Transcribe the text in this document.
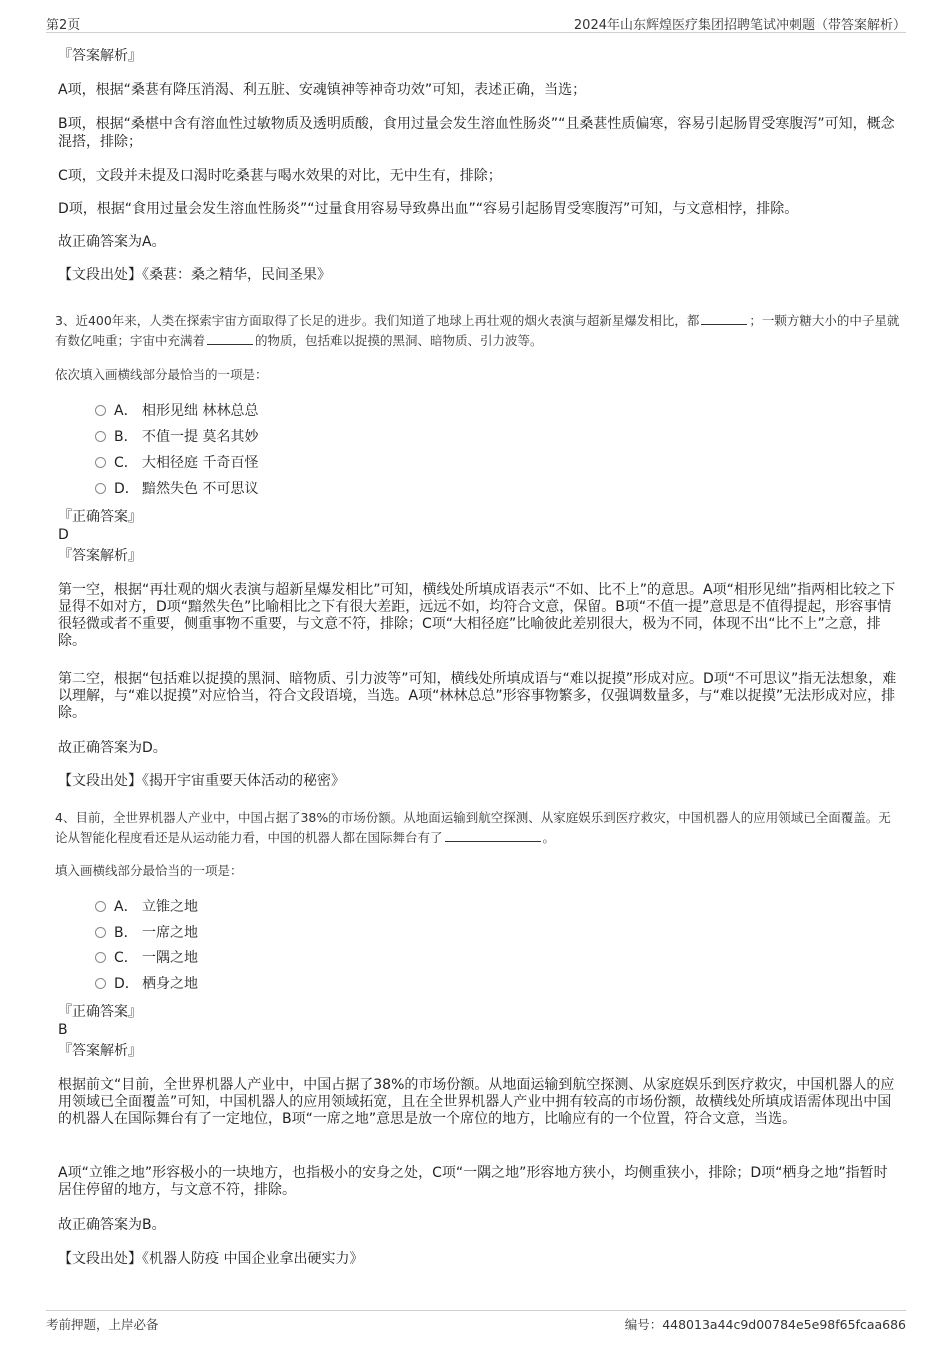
第2页	2024年山东辉煌医疗集团招聘笔试冲刺题（带答案解析）
『答案解析』
A项，根据“桑葚有降压消渴、利五脏、安魂镇神等神奇功效”可知，表述正确，当选；
B项，根据“桑椹中含有溶血性过敏物质及透明质酸，食用过量会发生溶血性肠炎”“且桑葚性质偏寒，容易引起肠胃受寒腹泻”可知，概念混搭，排除；
C项，文段并未提及口渴时吃桑葚与喝水效果的对比，无中生有，排除；
D项，根据“食用过量会发生溶血性肠炎”“过量食用容易导致鼻出血”“容易引起肠胃受寒腹泻”可知，与文意相悖，排除。
故正确答案为A。
【文段出处】《桑葚：桑之精华，民间圣果》
3、近400年来，人类在探索宇宙方面取得了长足的进步。我们知道了地球上再壮观的烟火表演与超新星爆发相比，都	；一颗方糖大小的中子星就有数亿吨重；宇宙中充满着	的物质，包括难以捉摸的黑洞、暗物质、引力波等。
依次填入画横线部分最恰当的一项是：
A． 相形见绌 林林总总
B． 不值一提 莫名其妙
C． 大相径庭 千奇百怪
D． 黯然失色 不可思议
『正确答案』
D
『答案解析』
第一空，根据“再壮观的烟火表演与超新星爆发相比”可知，横线处所填成语表示“不如、比不上”的意思。A项“相形见绌”指两相比较之下显得不如对方，D项“黯然失色”比喻相比之下有很大差距，远远不如，均符合文意，保留。B项“不值一提”意思是不值得提起，形容事情很轻微或者不重要，侧重事物不重要，与文意不符，排除；C项“大相径庭”比喻彼此差别很大，极为不同，体现不出“比不上”之意，排除。
第二空，根据“包括难以捉摸的黑洞、暗物质、引力波等”可知，横线处所填成语与“难以捉摸”形成对应。D项“不可思议”指无法想象，难以理解，与“难以捉摸”对应恰当，符合文段语境，当选。A项“林林总总”形容事物繁多，仅强调数量多，与“难以捉摸”无法形成对应，排除。
故正确答案为D。
【文段出处】《揭开宇宙重要天体活动的秘密》
4、目前，全世界机器人产业中，中国占据了38%的市场份额。从地面运输到航空探测、从家庭娱乐到医疗救灾，中国机器人的应用领域已全面覆盖。无论从智能化程度看还是从运动能力看，中国的机器人都在国际舞台有了	。
填入画横线部分最恰当的一项是：
A． 立锥之地
B． 一席之地
C． 一隅之地
D． 栖身之地
『正确答案』
B
『答案解析』
根据前文“目前，全世界机器人产业中，中国占据了38%的市场份额。从地面运输到航空探测、从家庭娱乐到医疗救灾，中国机器人的应用领域已全面覆盖”可知，中国机器人的应用领域拓宽，且在全世界机器人产业中拥有较高的市场份额，故横线处所填成语需体现出中国的机器人在国际舞台有了一定地位，B项“一席之地”意思是放一个席位的地方，比喻应有的一个位置，符合文意，当选。
A项“立锥之地”形容极小的一块地方，也指极小的安身之处，C项“一隅之地”形容地方狭小，均侧重狭小，排除；D项“栖身之地”指暂时居住停留的地方，与文意不符，排除。
故正确答案为B。
【文段出处】《机器人防疫 中国企业拿出硬实力》
考前押题，上岸必备	编号：448013a44c9d00784e5e98f65fcaa686
